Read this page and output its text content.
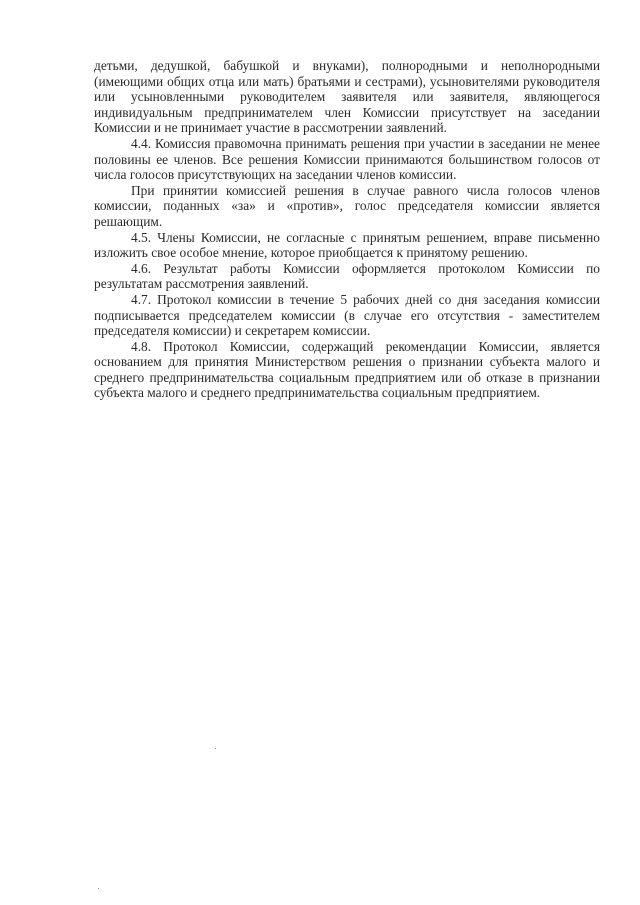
детьми, дедушкой, бабушкой и внуками), полнородными и неполнородными (имеющими общих отца или мать) братьями и сестрами), усыновителями руководителя или усыновленными руководителем заявителя или заявителя, являющегося индивидуальным предпринимателем член Комиссии присутствует на заседании Комиссии и не принимает участие в рассмотрении заявлений.

4.4. Комиссия правомочна принимать решения при участии в заседании не менее половины ее членов. Все решения Комиссии принимаются большинством голосов от числа голосов присутствующих на заседании членов комиссии.

При принятии комиссией решения в случае равного числа голосов членов комиссии, поданных «за» и «против», голос председателя комиссии является решающим.

4.5. Члены Комиссии, не согласные с принятым решением, вправе письменно изложить свое особое мнение, которое приобщается к принятому решению.

4.6. Результат работы Комиссии оформляется протоколом Комиссии по результатам рассмотрения заявлений.

4.7. Протокол комиссии в течение 5 рабочих дней со дня заседания комиссии подписывается председателем комиссии (в случае его отсутствия - заместителем председателя комиссии) и секретарем комиссии.

4.8. Протокол Комиссии, содержащий рекомендации Комиссии, является основанием для принятия Министерством решения о признании субъекта малого и среднего предпринимательства социальным предприятием или об отказе в признании субъекта малого и среднего предпринимательства социальным предприятием.
